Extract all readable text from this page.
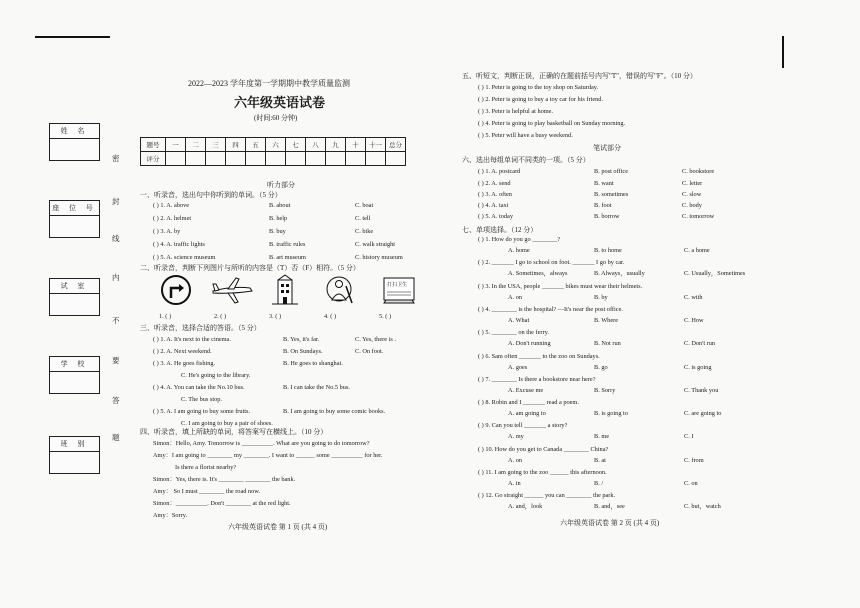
2022—2023 学年度第一学期期中教学质量监测
六年级英语试卷
(时间:60 分钟)
姓 名
座 位 号
试 室
学 校
班 别
密
封
线
内
不
要
答
题
题号	一	二	三	四	五	六	七	八	九	十	十一	总分
评分												
听力部分
一、听录音，选出句中你听到的单词。（5 分）
( ) 1. A. above	B. about	C. boat
( ) 2. A. helmet	B. help	C. tell
( ) 3. A. by	B. buy	C. bike
( ) 4. A. traffic lights	B. traffic rules	C. walk straight
( ) 5. A. science museum	B. art museum	C. history museum
二、听录音，判断下列图片与所听的内容是（T）否（F）相符。（5 分）
打扫卫生
1. ( )	2. ( )	3. ( )	4. ( )	5. ( )
三、听录音，选择合适的答语。（5 分）
( ) 1. A. It's next to the cinema.	B. Yes, it's far.	C. Yes, there is .
( ) 2. A. Next weekend.	B. On Sundays.	C. On foot.
( ) 3. A. He goes fishing.	B. He goes to shanghai.
C. He's going to the library.
( ) 4. A. You can take the No.10 bus.	B. I can take the No.5 bus.
C. The bus stop.
( ) 5. A. I am going to buy some fruits.	B. I am going to buy some comic books.
C. I am going to buy a pair of shoes.
四、听录音，填上所缺的单词，将答案写在横线上。（10 分）
Simon：Hello, Amy. Tomorrow is __________. What are you going to do tomorrow?
Amy：I am going to ________ my ________. I want to ______ some __________ for her.
Is there a florist nearby?
Simon：Yes, there is. It's ________ ________ the bank.
Amy： So I must ________ the road now.
Simon：__________. Don't ________ at the red light.
Amy：Sorry.
六年级英语试卷 第 1 页 (共 4 页)
五、听短文，判断正误，正确的在题前括号内写"T"，错误的写"F"。（10 分）
( ) 1. Peter is going to the toy shop on Saturday.
( ) 2. Peter is going to buy a toy car for his friend.
( ) 3. Peter is helpful at home.
( ) 4. Peter is going to play basketball on Sunday morning.
( ) 5. Peter will have a busy weekend.
笔试部分
六、选出每组单词不同类的一项。（5 分）
( ) 1. A. postcard	B. post office	C. bookstore
( ) 2. A. send	B. want	C. letter
( ) 3. A. often	B. sometimes	C. slow
( ) 4. A. taxi	B. foot	C. body
( ) 5. A. today	B. borrow	C. tomorrow
七、单项选择。（12 分）
( ) 1. How do you go ________?
A. home	B. to home	C. a home
( ) 2. _______ I go to school on foot. _______ I go by car.
A. Sometimes，always	B. Always，usually	C. Usually，Sometimes
( ) 3. In the USA, people _______ bikes must wear their helmets.
A. on	B. by	C. with
( ) 4. ________ is the hospital? —It's near the post office.
A. What	B. Where	C. How
( ) 5. ________ on the ferry.
A. Don't running	B. Not run	C. Don't run
( ) 6. Sam often _______ to the zoo on Sundays.
A. goes	B. go	C. is going
( ) 7. ________ Is there a bookstore near here?
A. Excuse me	B. Sorry	C. Thank you
( ) 8. Robin and I _______ read a poem.
A. am going to	B. is going to	C. are going to
( ) 9. Can you tell _______ a story?
A. my	B. me	C. I
( ) 10. How do you get to Canada ________ China?
A. on	B. at	C. from
( ) 11. I am going to the zoo ______ this afternoon.
A. in	B. /	C. on
( ) 12. Go straight ______ you can ________ the park.
A. and，look	B. and，see	C. but，watch
六年级英语试卷 第 2 页 (共 4 页)
